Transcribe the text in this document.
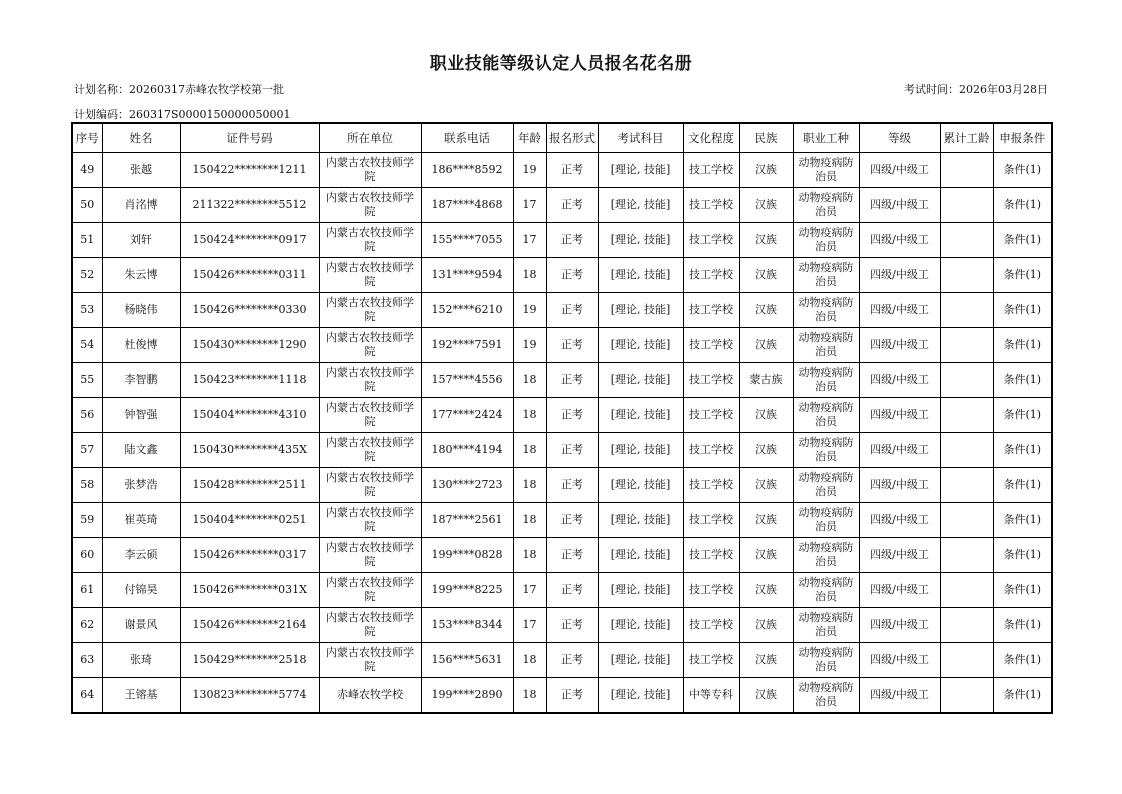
职业技能等级认定人员报名花名册
计划名称：20260317赤峰农牧学校第一批	考试时间：2026年03月28日
计划编码：260317S0000150000050001
序号	姓名	证件号码	所在单位	联系电话	年龄	报名形式	考试科目	文化程度	民族	职业工种	等级	累计工龄	申报条件
49	张越	150422********1211	内蒙古农牧技师学院	186****8592	19	正考	[理论, 技能]	技工学校	汉族	动物疫病防治员	四级/中级工		条件(1)
50	肖洺博	211322********5512	内蒙古农牧技师学院	187****4868	17	正考	[理论, 技能]	技工学校	汉族	动物疫病防治员	四级/中级工		条件(1)
51	刘轩	150424********0917	内蒙古农牧技师学院	155****7055	17	正考	[理论, 技能]	技工学校	汉族	动物疫病防治员	四级/中级工		条件(1)
52	朱云博	150426********0311	内蒙古农牧技师学院	131****9594	18	正考	[理论, 技能]	技工学校	汉族	动物疫病防治员	四级/中级工		条件(1)
53	杨晓伟	150426********0330	内蒙古农牧技师学院	152****6210	19	正考	[理论, 技能]	技工学校	汉族	动物疫病防治员	四级/中级工		条件(1)
54	杜俊博	150430********1290	内蒙古农牧技师学院	192****7591	19	正考	[理论, 技能]	技工学校	汉族	动物疫病防治员	四级/中级工		条件(1)
55	李智鹏	150423********1118	内蒙古农牧技师学院	157****4556	18	正考	[理论, 技能]	技工学校	蒙古族	动物疫病防治员	四级/中级工		条件(1)
56	钟智强	150404********4310	内蒙古农牧技师学院	177****2424	18	正考	[理论, 技能]	技工学校	汉族	动物疫病防治员	四级/中级工		条件(1)
57	陆文鑫	150430********435X	内蒙古农牧技师学院	180****4194	18	正考	[理论, 技能]	技工学校	汉族	动物疫病防治员	四级/中级工		条件(1)
58	张梦浩	150428********2511	内蒙古农牧技师学院	130****2723	18	正考	[理论, 技能]	技工学校	汉族	动物疫病防治员	四级/中级工		条件(1)
59	崔英琦	150404********0251	内蒙古农牧技师学院	187****2561	18	正考	[理论, 技能]	技工学校	汉族	动物疫病防治员	四级/中级工		条件(1)
60	李云硕	150426********0317	内蒙古农牧技师学院	199****0828	18	正考	[理论, 技能]	技工学校	汉族	动物疫病防治员	四级/中级工		条件(1)
61	付锦昊	150426********031X	内蒙古农牧技师学院	199****8225	17	正考	[理论, 技能]	技工学校	汉族	动物疫病防治员	四级/中级工		条件(1)
62	谢景风	150426********2164	内蒙古农牧技师学院	153****8344	17	正考	[理论, 技能]	技工学校	汉族	动物疫病防治员	四级/中级工		条件(1)
63	张琦	150429********2518	内蒙古农牧技师学院	156****5631	18	正考	[理论, 技能]	技工学校	汉族	动物疫病防治员	四级/中级工		条件(1)
64	王镕基	130823********5774	赤峰农牧学校	199****2890	18	正考	[理论, 技能]	中等专科	汉族	动物疫病防治员	四级/中级工		条件(1)
